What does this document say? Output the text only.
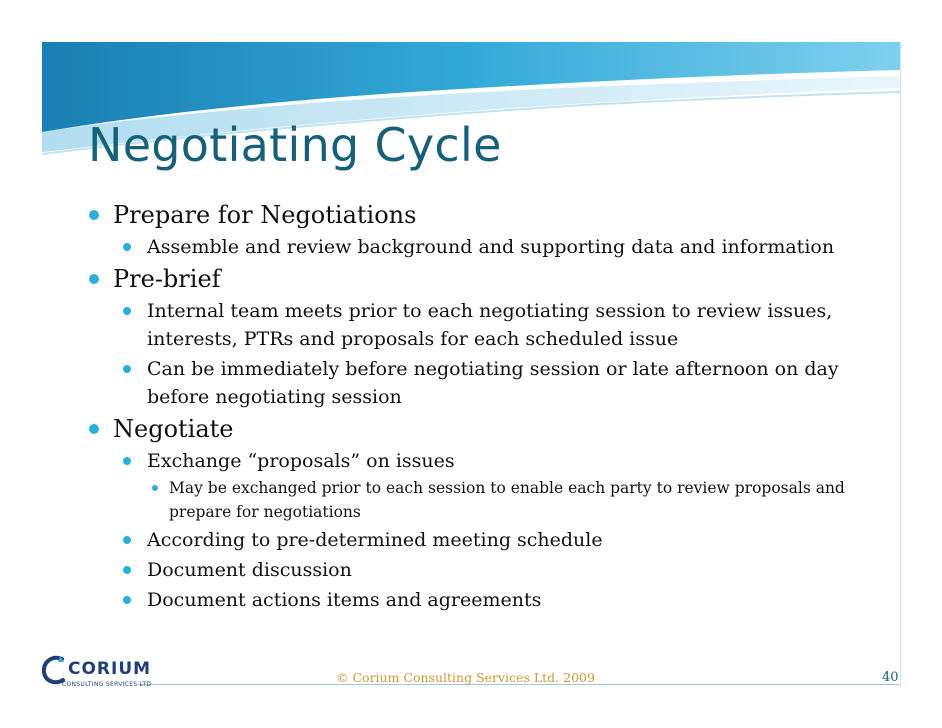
Negotiating Cycle
Prepare for Negotiations
Assemble and review background and supporting data and information
Pre-brief
Internal team meets prior to each negotiating session to review issues, interests, PTRs and proposals for each scheduled issue
Can be immediately before negotiating session or late afternoon on day before negotiating session
Negotiate
Exchange “proposals” on issues
May be exchanged prior to each session to enable each party to review proposals and prepare for negotiations
According to pre-determined meeting schedule
Document discussion
Document actions items and agreements
© Corium Consulting Services Ltd. 2009	40
CORIUM
CONSULTING SERVICES LTD
